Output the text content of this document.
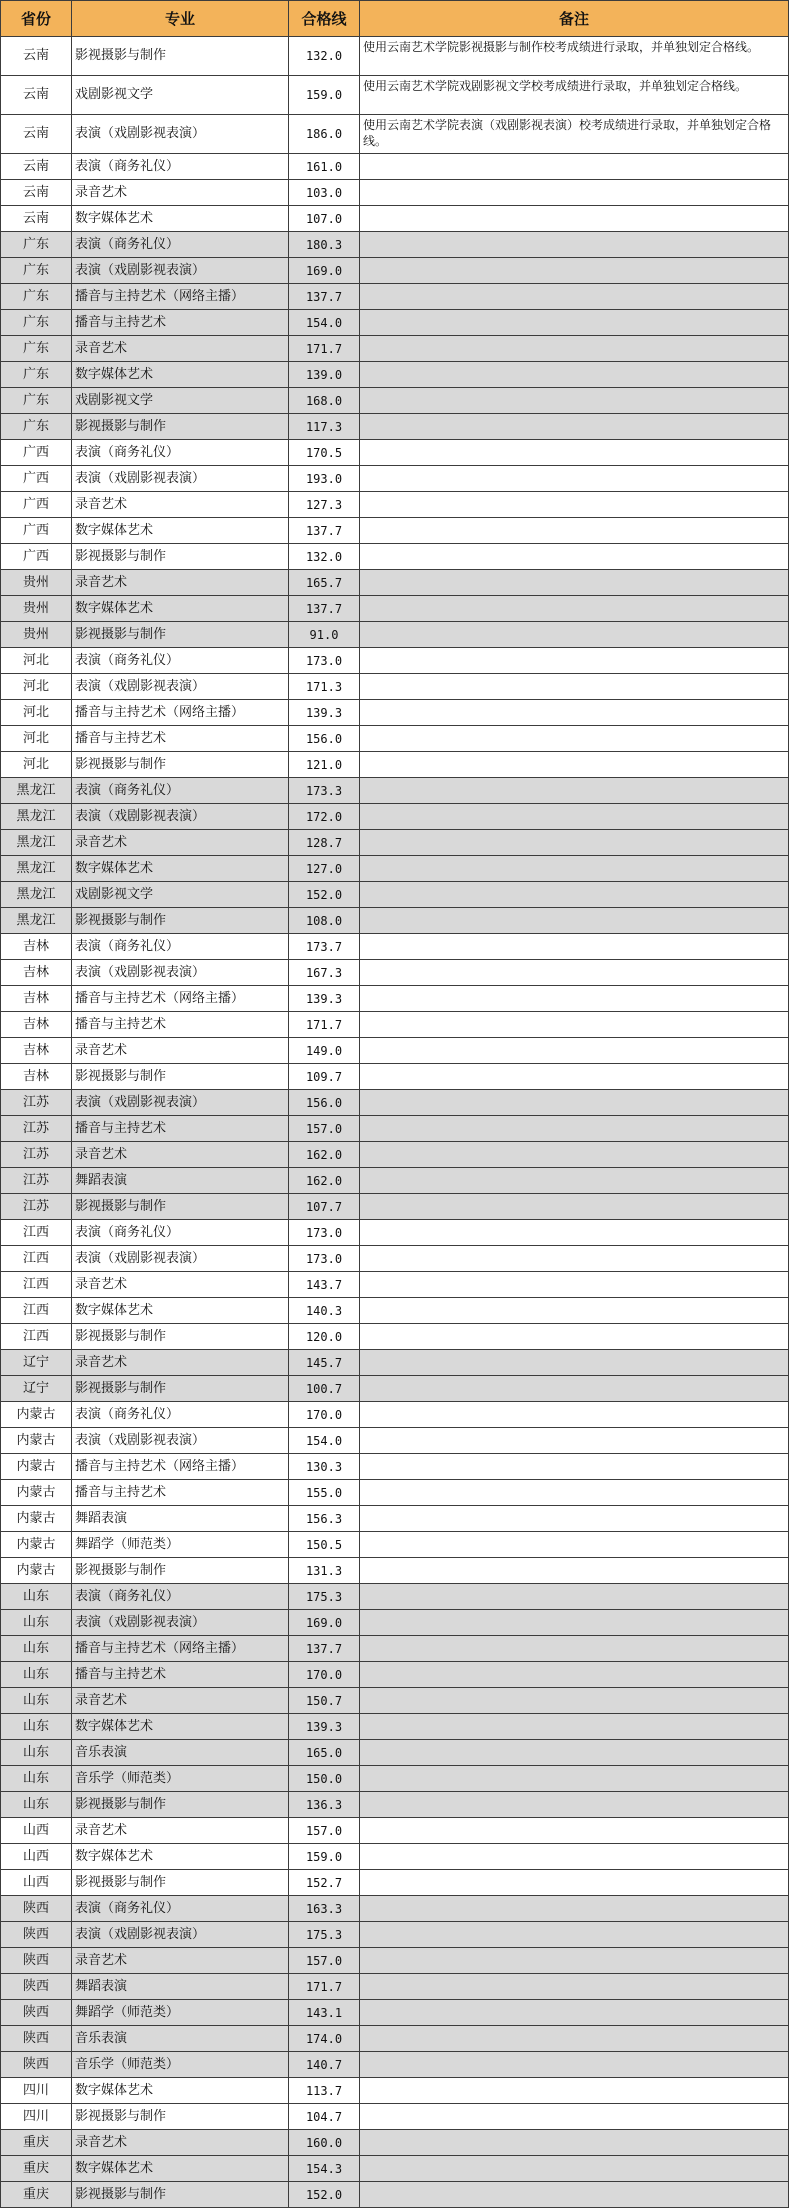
省份	专业	合格线	备注
云南	影视摄影与制作	132.0	使用云南艺术学院影视摄影与制作校考成绩进行录取，并单独划定合格线。
云南	戏剧影视文学	159.0	使用云南艺术学院戏剧影视文学校考成绩进行录取，并单独划定合格线。
云南	表演（戏剧影视表演）	186.0	使用云南艺术学院表演（戏剧影视表演）校考成绩进行录取，并单独划定合格线。
云南	表演（商务礼仪）	161.0	
云南	录音艺术	103.0	
云南	数字媒体艺术	107.0	
广东	表演（商务礼仪）	180.3	
广东	表演（戏剧影视表演）	169.0	
广东	播音与主持艺术（网络主播）	137.7	
广东	播音与主持艺术	154.0	
广东	录音艺术	171.7	
广东	数字媒体艺术	139.0	
广东	戏剧影视文学	168.0	
广东	影视摄影与制作	117.3	
广西	表演（商务礼仪）	170.5	
广西	表演（戏剧影视表演）	193.0	
广西	录音艺术	127.3	
广西	数字媒体艺术	137.7	
广西	影视摄影与制作	132.0	
贵州	录音艺术	165.7	
贵州	数字媒体艺术	137.7	
贵州	影视摄影与制作	91.0	
河北	表演（商务礼仪）	173.0	
河北	表演（戏剧影视表演）	171.3	
河北	播音与主持艺术（网络主播）	139.3	
河北	播音与主持艺术	156.0	
河北	影视摄影与制作	121.0	
黑龙江	表演（商务礼仪）	173.3	
黑龙江	表演（戏剧影视表演）	172.0	
黑龙江	录音艺术	128.7	
黑龙江	数字媒体艺术	127.0	
黑龙江	戏剧影视文学	152.0	
黑龙江	影视摄影与制作	108.0	
吉林	表演（商务礼仪）	173.7	
吉林	表演（戏剧影视表演）	167.3	
吉林	播音与主持艺术（网络主播）	139.3	
吉林	播音与主持艺术	171.7	
吉林	录音艺术	149.0	
吉林	影视摄影与制作	109.7	
江苏	表演（戏剧影视表演）	156.0	
江苏	播音与主持艺术	157.0	
江苏	录音艺术	162.0	
江苏	舞蹈表演	162.0	
江苏	影视摄影与制作	107.7	
江西	表演（商务礼仪）	173.0	
江西	表演（戏剧影视表演）	173.0	
江西	录音艺术	143.7	
江西	数字媒体艺术	140.3	
江西	影视摄影与制作	120.0	
辽宁	录音艺术	145.7	
辽宁	影视摄影与制作	100.7	
内蒙古	表演（商务礼仪）	170.0	
内蒙古	表演（戏剧影视表演）	154.0	
内蒙古	播音与主持艺术（网络主播）	130.3	
内蒙古	播音与主持艺术	155.0	
内蒙古	舞蹈表演	156.3	
内蒙古	舞蹈学（师范类）	150.5	
内蒙古	影视摄影与制作	131.3	
山东	表演（商务礼仪）	175.3	
山东	表演（戏剧影视表演）	169.0	
山东	播音与主持艺术（网络主播）	137.7	
山东	播音与主持艺术	170.0	
山东	录音艺术	150.7	
山东	数字媒体艺术	139.3	
山东	音乐表演	165.0	
山东	音乐学（师范类）	150.0	
山东	影视摄影与制作	136.3	
山西	录音艺术	157.0	
山西	数字媒体艺术	159.0	
山西	影视摄影与制作	152.7	
陕西	表演（商务礼仪）	163.3	
陕西	表演（戏剧影视表演）	175.3	
陕西	录音艺术	157.0	
陕西	舞蹈表演	171.7	
陕西	舞蹈学（师范类）	143.1	
陕西	音乐表演	174.0	
陕西	音乐学（师范类）	140.7	
四川	数字媒体艺术	113.7	
四川	影视摄影与制作	104.7	
重庆	录音艺术	160.0	
重庆	数字媒体艺术	154.3	
重庆	影视摄影与制作	152.0	
